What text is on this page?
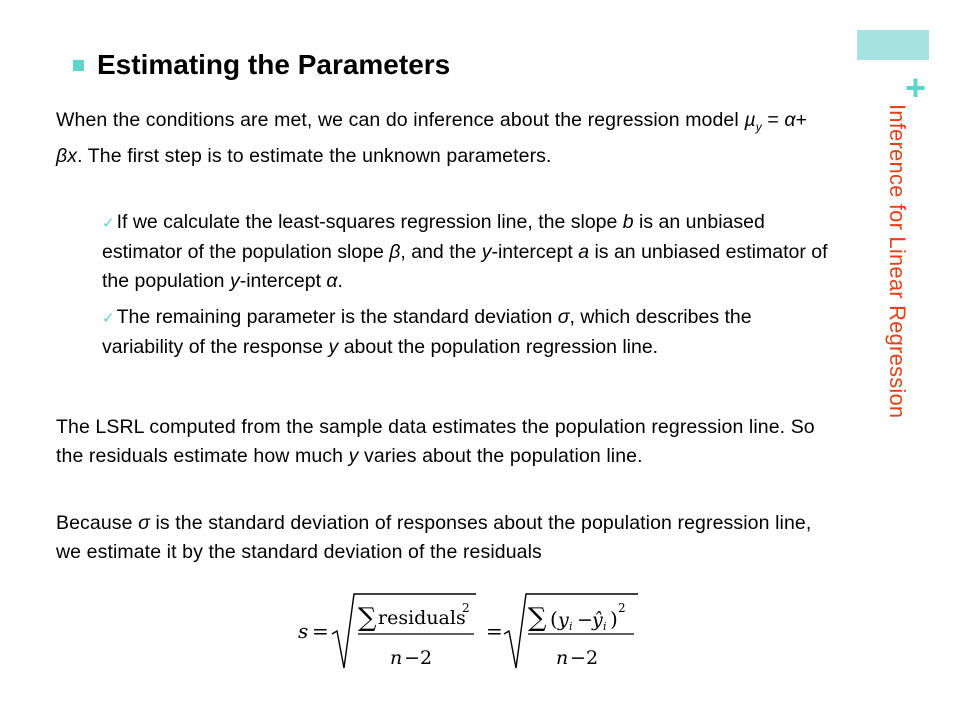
+
Inference for Linear Regression
Estimating the Parameters
When the conditions are met, we can do inference about the regression model µ$_y$ = α+ βx. The first step is to estimate the unknown parameters.
✓ If we calculate the least-squares regression line, the slope b is an unbiased estimator of the population slope β, and the y-intercept a is an unbiased estimator of the population y-intercept α.
✓ The remaining parameter is the standard deviation σ, which describes the variability of the response y about the population regression line.
The LSRL computed from the sample data estimates the population regression line. So the residuals estimate how much y varies about the population line.
Because σ is the standard deviation of responses about the population regression line, we estimate it by the standard deviation of the residuals
s = ∑ residuals
2
n − 2
= ∑ ( y i − ŷ i ) 2
n − 2
